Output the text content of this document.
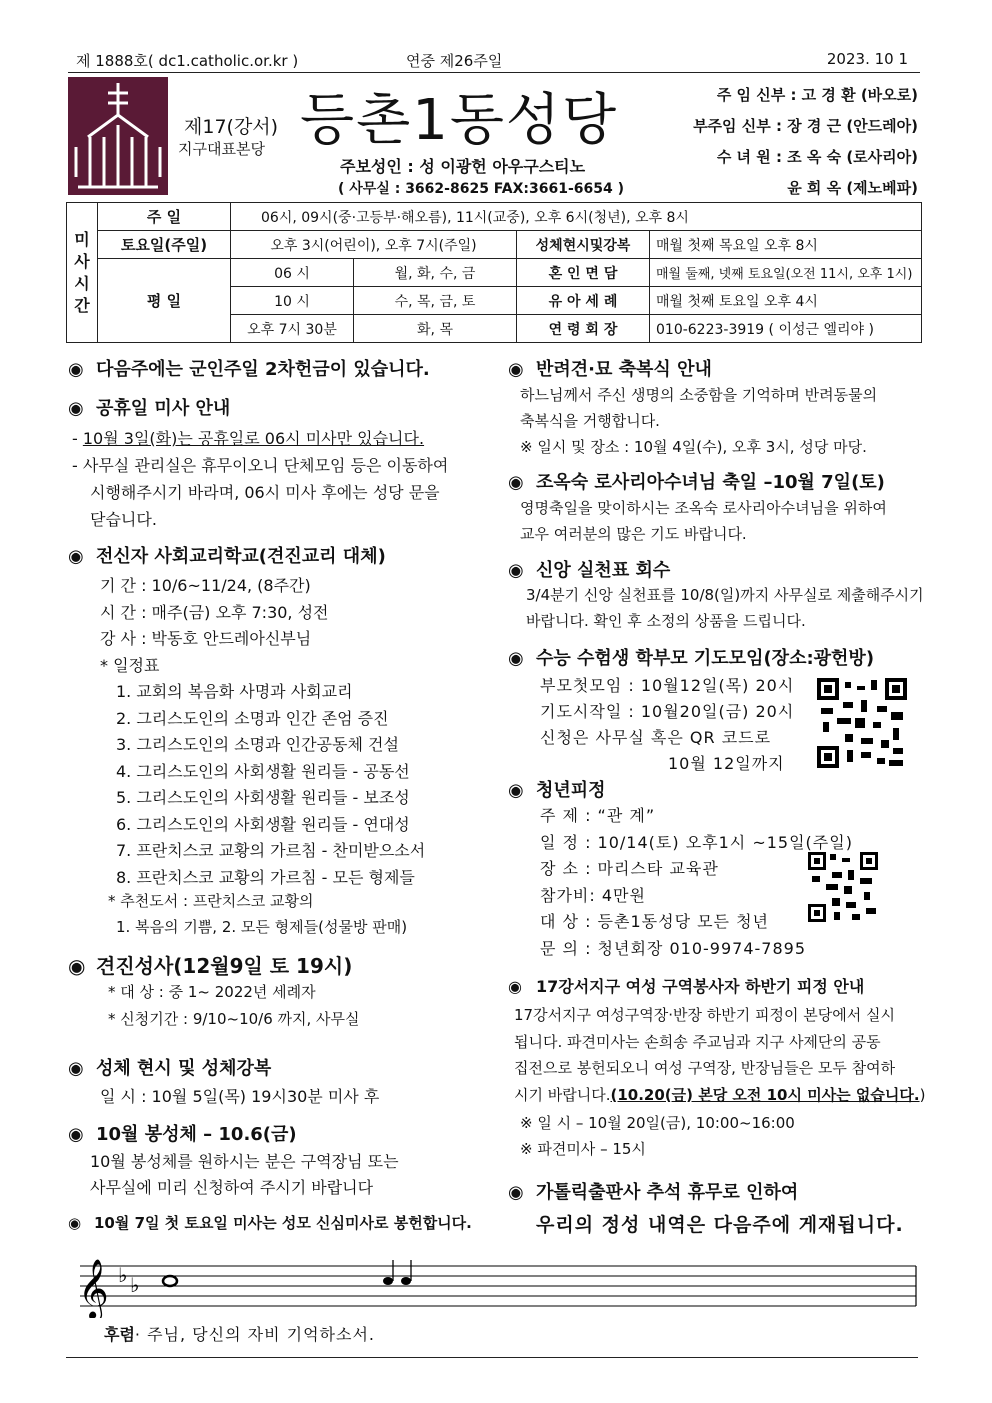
제 1888호( dc1.catholic.or.kr )	연중 제26주일	2023. 10 1
제17(강서)
지구대표본당 등촌1동성당
주보성인 : 성 이광헌 아우구스티노
( 사무실 : 3662-8625 FAX:3661-6654 )
주 임 신부 : 고 경 환 (바오로)
부주임 신부 : 장 경 근 (안드레아)
수 녀 원 : 조 옥 숙 (로사리아)
윤 희 옥 (제노베파)
미
사
시
간	주 일	06시, 09시(중·고등부·해오름), 11시(교중), 오후 6시(청년), 오후 8시			
	토요일(주일)	오후 3시(어린이), 오후 7시(주일)		성체현시및강복	매월 첫째 목요일 오후 8시
	평 일	06 시	월, 화, 수, 금	혼 인 면 담	매월 둘째, 넷째 토요일(오전 11시, 오후 1시)
		10 시	수, 목, 금, 토	유 아 세 례	매월 첫째 토요일 오후 4시
		오후 7시 30분	화, 목	연 령 회 장	010-6223-3919 ( 이성근 엘리야 )
◉ 다음주에는 군인주일 2차헌금이 있습니다.
◉ 공휴일 미사 안내
- 10월 3일(화)는 공휴일로 06시 미사만 있습니다.
- 사무실 관리실은 휴무이오니 단체모임 등은 이동하여
시행해주시기 바라며, 06시 미사 후에는 성당 문을
닫습니다.
◉ 전신자 사회교리학교(견진교리 대체)
기 간 : 10/6~11/24, (8주간)
시 간 : 매주(금) 오후 7:30, 성전
강 사 : 박동호 안드레아신부님
* 일정표
1. 교회의 복음화 사명과 사회교리
2. 그리스도인의 소명과 인간 존엄 증진
3. 그리스도인의 소명과 인간공동체 건설
4. 그리스도인의 사회생활 원리들 - 공동선
5. 그리스도인의 사회생활 원리들 - 보조성
6. 그리스도인의 사회생활 원리들 - 연대성
7. 프란치스코 교황의 가르침 - 찬미받으소서
8. 프란치스코 교황의 가르침 - 모든 형제들
* 추천도서 : 프란치스코 교황의
1. 복음의 기쁨, 2. 모든 형제들(성물방 판매)
◉ 견진성사(12월9일 토 19시)
* 대 상 : 중 1~ 2022년 세례자
* 신청기간 : 9/10~10/6 까지, 사무실
◉ 성체 현시 및 성체강복
일 시 : 10월 5일(목) 19시30분 미사 후
◉ 10월 봉성체 – 10.6(금)
10월 봉성체를 원하시는 분은 구역장님 또는
사무실에 미리 신청하여 주시기 바랍니다
◉ 10월 7일 첫 토요일 미사는 성모 신심미사로 봉헌합니다.
◉ 반려견·묘 축복식 안내
하느님께서 주신 생명의 소중함을 기억하며 반려동물의
축복식을 거행합니다.
※ 일시 및 장소 : 10월 4일(수), 오후 3시, 성당 마당.
◉ 조옥숙 로사리아수녀님 축일 –10월 7일(토)
영명축일을 맞이하시는 조옥숙 로사리아수녀님을 위하여
교우 여러분의 많은 기도 바랍니다.
◉ 신앙 실천표 회수
3/4분기 신앙 실천표를 10/8(일)까지 사무실로 제출해주시기
바랍니다. 확인 후 소정의 상품을 드립니다.
◉ 수능 수험생 학부모 기도모임(장소:광헌방)
부모첫모임 : 10월12일(목) 20시
기도시작일 : 10월20일(금) 20시
신청은 사무실 혹은 QR 코드로
10월 12일까지
◉ 청년피정
주 제 : “관 계”
일 정 : 10/14(토) 오후1시 ~15일(주일)
장 소 : 마리스타 교육관
참가비: 4만원
대 상 : 등촌1동성당 모든 청년
문 의 : 청년회장 010-9974-7895
◉ 17강서지구 여성 구역봉사자 하반기 피정 안내
17강서지구 여성구역장·반장 하반기 피정이 본당에서 실시
됩니다. 파견미사는 손희송 주교님과 지구 사제단의 공동
집전으로 봉헌되오니 여성 구역장, 반장님들은 모두 참여하
시기 바랍니다.(10.20(금) 본당 오전 10시 미사는 없습니다.)
※ 일 시 – 10월 20일(금), 10:00~16:00
※ 파견미사 – 15시
◉ 가톨릭출판사 추석 휴무로 인하여
우리의 정성 내역은 다음주에 게재됩니다.
𝄞 ♭ ♭
후렴· 주님, 당신의 자비 기억하소서.
